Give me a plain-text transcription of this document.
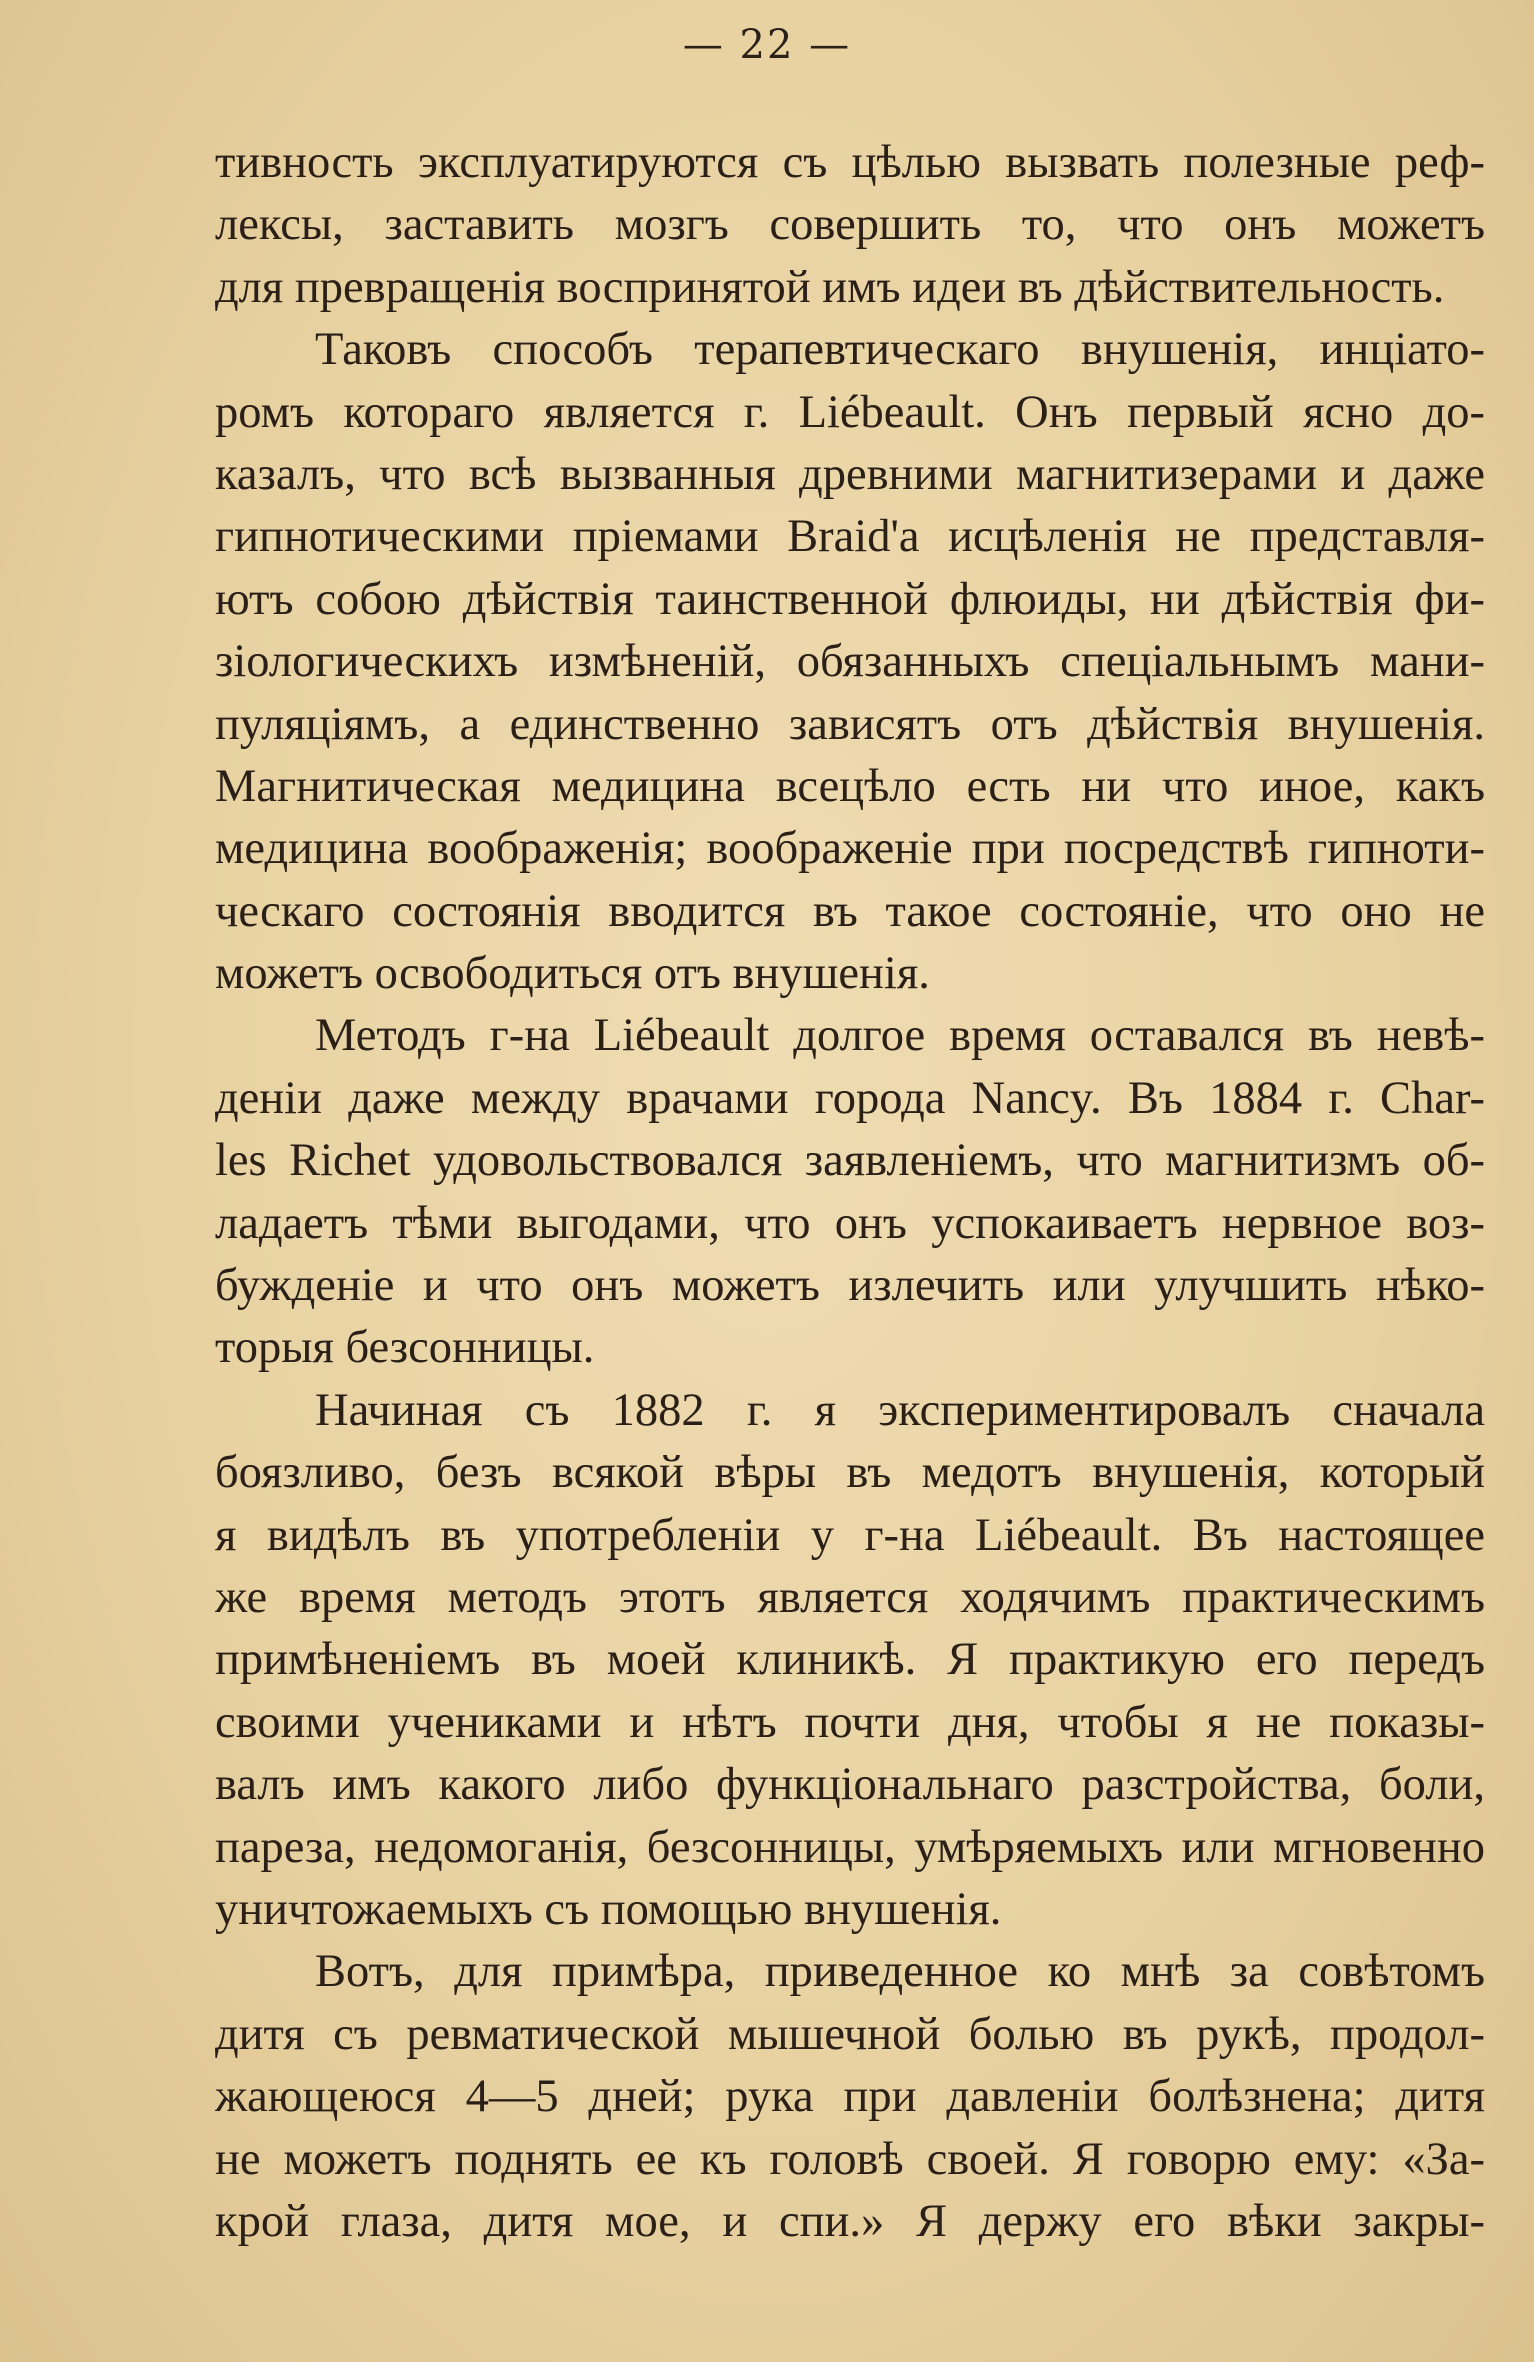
— 22 —
тивность эксплуатируются съ цѣлью вызвать полезные реф-
лексы, заставить мозгъ совершить то, что онъ можетъ
для превращенія воспринятой имъ идеи въ дѣйствительность.
Таковъ способъ терапевтическаго внушенія, инціато-
ромъ котораго является г. Liébeault. Онъ первый ясно до-
казалъ, что всѣ вызванныя древними магнитизерами и даже
гипнотическими пріемами Braid'а исцѣленія не представля-
ютъ собою дѣйствія таинственной флюиды, ни дѣйствія фи-
зіологическихъ измѣненій, обязанныхъ спеціальнымъ мани-
пуляціямъ, а единственно зависятъ отъ дѣйствія внушенія.
Магнитическая медицина всецѣло есть ни что иное, какъ
медицина воображенія; воображеніе при посредствѣ гипноти-
ческаго состоянія вводится въ такое состояніе, что оно не
можетъ освободиться отъ внушенія.
Методъ г-на Liébeault долгое время оставался въ невѣ-
деніи даже между врачами города Nancy. Въ 1884 г. Char-
les Richet удовольствовался заявленіемъ, что магнитизмъ об-
ладаетъ тѣми выгодами, что онъ успокаиваетъ нервное воз-
бужденіе и что онъ можетъ излечить или улучшить нѣко-
торыя безсонницы.
Начиная съ 1882 г. я экспериментировалъ сначала
боязливо, безъ всякой вѣры въ медотъ внушенія, который
я видѣлъ въ употребленіи у г-на Liébeault. Въ настоящее
же время методъ этотъ является ходячимъ практическимъ
примѣненіемъ въ моей клиникѣ. Я практикую его передъ
своими учениками и нѣтъ почти дня, чтобы я не показы-
валъ имъ какого либо функціональнаго разстройства, боли,
пареза, недомоганія, безсонницы, умѣряемыхъ или мгновенно
уничтожаемыхъ съ помощью внушенія.
Вотъ, для примѣра, приведенное ко мнѣ за совѣтомъ
дитя съ ревматической мышечной болью въ рукѣ, продол-
жающеюся 4—5 дней; рука при давленіи болѣзнена; дитя
не можетъ поднять ее къ головѣ своей. Я говорю ему: «За-
крой глаза, дитя мое, и спи.» Я держу его вѣки закры-
